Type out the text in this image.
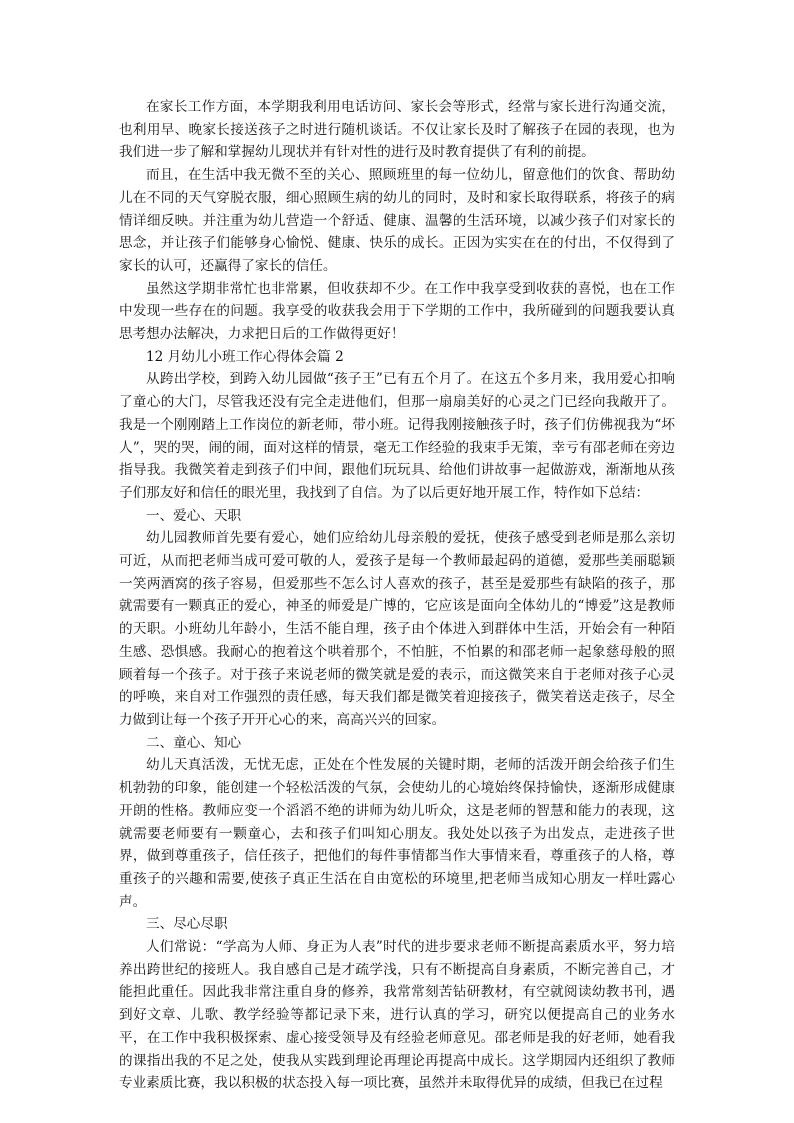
在家长工作方面，本学期我利用电话访问、家长会等形式，经常与家长进行沟通交流，也利用早、晚家长接送孩子之时进行随机谈话。不仅让家长及时了解孩子在园的表现，也为我们进一步了解和掌握幼儿现状并有针对性的进行及时教育提供了有利的前提。

而且，在生活中我无微不至的关心、照顾班里的每一位幼儿，留意他们的饮食、帮助幼儿在不同的天气穿脱衣服，细心照顾生病的幼儿的同时，及时和家长取得联系，将孩子的病情详细反映。并注重为幼儿营造一个舒适、健康、温馨的生活环境，以减少孩子们对家长的思念，并让孩子们能够身心愉悦、健康、快乐的成长。正因为实实在在的付出，不仅得到了家长的认可，还赢得了家长的信任。

虽然这学期非常忙也非常累，但收获却不少。在工作中我享受到收获的喜悦，也在工作中发现一些存在的问题。我享受的收获我会用于下学期的工作中，我所碰到的问题我要认真思考想办法解决，力求把日后的工作做得更好！

12 月幼儿小班工作心得体会篇 2

从跨出学校，到跨入幼儿园做“孩子王”已有五个月了。在这五个多月来，我用爱心扣响了童心的大门，尽管我还没有完全走进他们，但那一扇扇美好的心灵之门已经向我敞开了。我是一个刚刚踏上工作岗位的新老师，带小班。记得我刚接触孩子时，孩子们仿佛视我为“坏人”，哭的哭，闹的闹，面对这样的情景，毫无工作经验的我束手无策，幸亏有邵老师在旁边指导我。我微笑着走到孩子们中间，跟他们玩玩具、给他们讲故事一起做游戏，渐渐地从孩子们那友好和信任的眼光里，我找到了自信。为了以后更好地开展工作，特作如下总结：

一、爱心、天职

幼儿园教师首先要有爱心，她们应给幼儿母亲般的爱抚，使孩子感受到老师是那么亲切可近，从而把老师当成可爱可敬的人，爱孩子是每一个教师最起码的道德，爱那些美丽聪颖一笑两酒窝的孩子容易，但爱那些不怎么讨人喜欢的孩子，甚至是爱那些有缺陷的孩子，那就需要有一颗真正的爱心，神圣的师爱是广博的，它应该是面向全体幼儿的“博爱”这是教师的天职。小班幼儿年龄小，生活不能自理，孩子由个体进入到群体中生活，开始会有一种陌生感、恐惧感。我耐心的抱着这个哄着那个，不怕脏，不怕累的和邵老师一起象慈母般的照顾着每一个孩子。对于孩子来说老师的微笑就是爱的表示，而这微笑来自于老师对孩子心灵的呼唤，来自对工作强烈的责任感，每天我们都是微笑着迎接孩子，微笑着送走孩子，尽全力做到让每一个孩子开开心心的来，高高兴兴的回家。

二、童心、知心

幼儿天真活泼，无忧无虑，正处在个性发展的关键时期，老师的活泼开朗会给孩子们生机勃勃的印象，能创建一个轻松活泼的气氛，会使幼儿的心境始终保持愉快，逐渐形成健康开朗的性格。教师应变一个滔滔不绝的讲师为幼儿听众，这是老师的智慧和能力的表现，这就需要老师要有一颗童心，去和孩子们叫知心朋友。我处处以孩子为出发点，走进孩子世界，做到尊重孩子，信任孩子，把他们的每件事情都当作大事情来看，尊重孩子的人格，尊重孩子的兴趣和需要,使孩子真正生活在自由宽松的环境里,把老师当成知心朋友一样吐露心声。

三、尽心尽职

人们常说：“学高为人师、身正为人表”时代的进步要求老师不断提高素质水平，努力培养出跨世纪的接班人。我自感自己是才疏学浅，只有不断提高自身素质，不断完善自己，才能担此重任。因此我非常注重自身的修养，我常常刻苦钻研教材，有空就阅读幼教书刊，遇到好文章、儿歌、教学经验等都记录下来，进行认真的学习，研究以便提高自己的业务水平，在工作中我积极探索、虚心接受领导及有经验老师意见。邵老师是我的好老师，她看我的课指出我的不足之处，使我从实践到理论再理论再提高中成长。这学期园内还组织了教师专业素质比赛，我以积极的状态投入每一项比赛，虽然并未取得优异的成绩，但我已在过程
